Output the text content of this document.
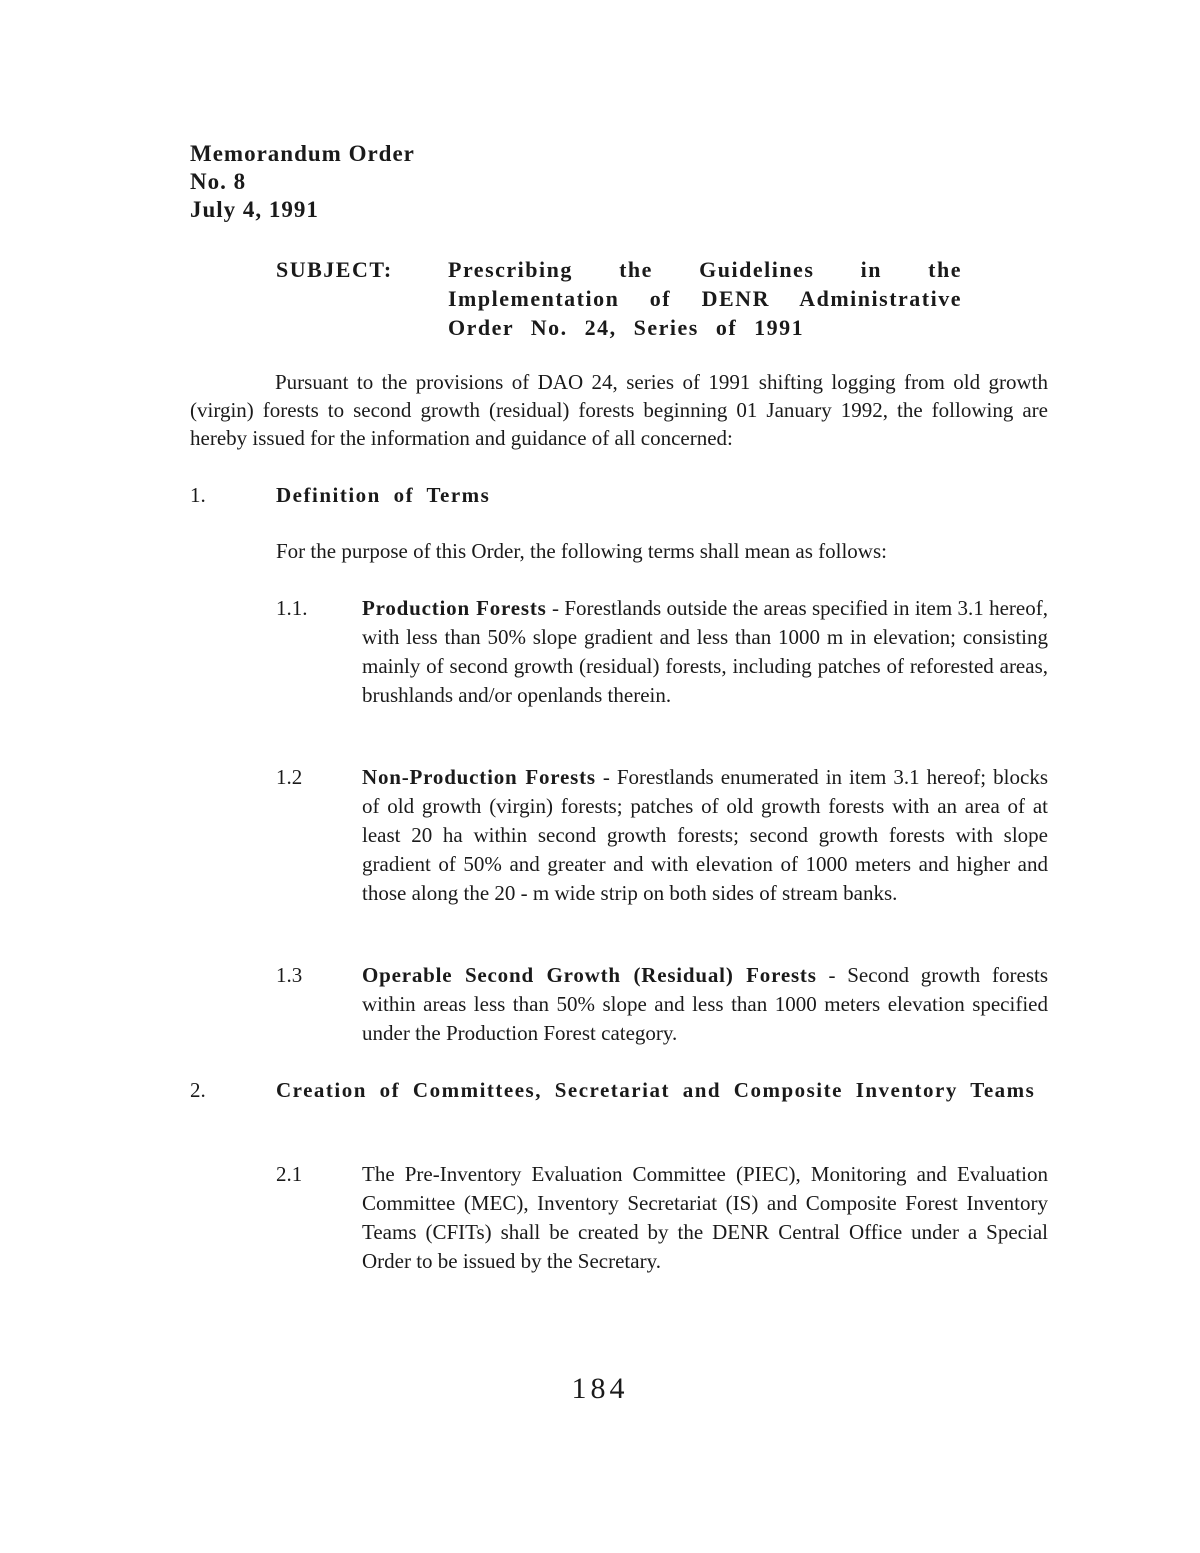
Memorandum Order
No. 8
July 4, 1991
SUBJECT:	Prescribing the Guidelines in the Implementation of DENR Administrative Order No. 24, Series of 1991
Pursuant to the provisions of DAO 24, series of 1991 shifting logging from old growth (virgin) forests to second growth (residual) forests beginning 01 January 1992, the following are hereby issued for the information and guidance of all concerned:
1.	Definition of Terms
For the purpose of this Order, the following terms shall mean as follows:
1.1.	Production Forests - Forestlands outside the areas specified in item 3.1 hereof, with less than 50% slope gradient and less than 1000 m in elevation; consisting mainly of second growth (residual) forests, including patches of reforested areas, brushlands and/or openlands therein.
1.2	Non-Production Forests - Forestlands enumerated in item 3.1 hereof; blocks of old growth (virgin) forests; patches of old growth forests with an area of at least 20 ha within second growth forests; second growth forests with slope gradient of 50% and greater and with elevation of 1000 meters and higher and those along the 20 - m wide strip on both sides of stream banks.
1.3	Operable Second Growth (Residual) Forests - Second growth forests within areas less than 50% slope and less than 1000 meters elevation specified under the Production Forest category.
2.	Creation of Committees, Secretariat and Composite Inventory Teams
2.1	The Pre-Inventory Evaluation Committee (PIEC), Monitoring and Evaluation Committee (MEC), Inventory Secretariat (IS) and Composite Forest Inventory Teams (CFITs) shall be created by the DENR Central Office under a Special Order to be issued by the Secretary.
184
